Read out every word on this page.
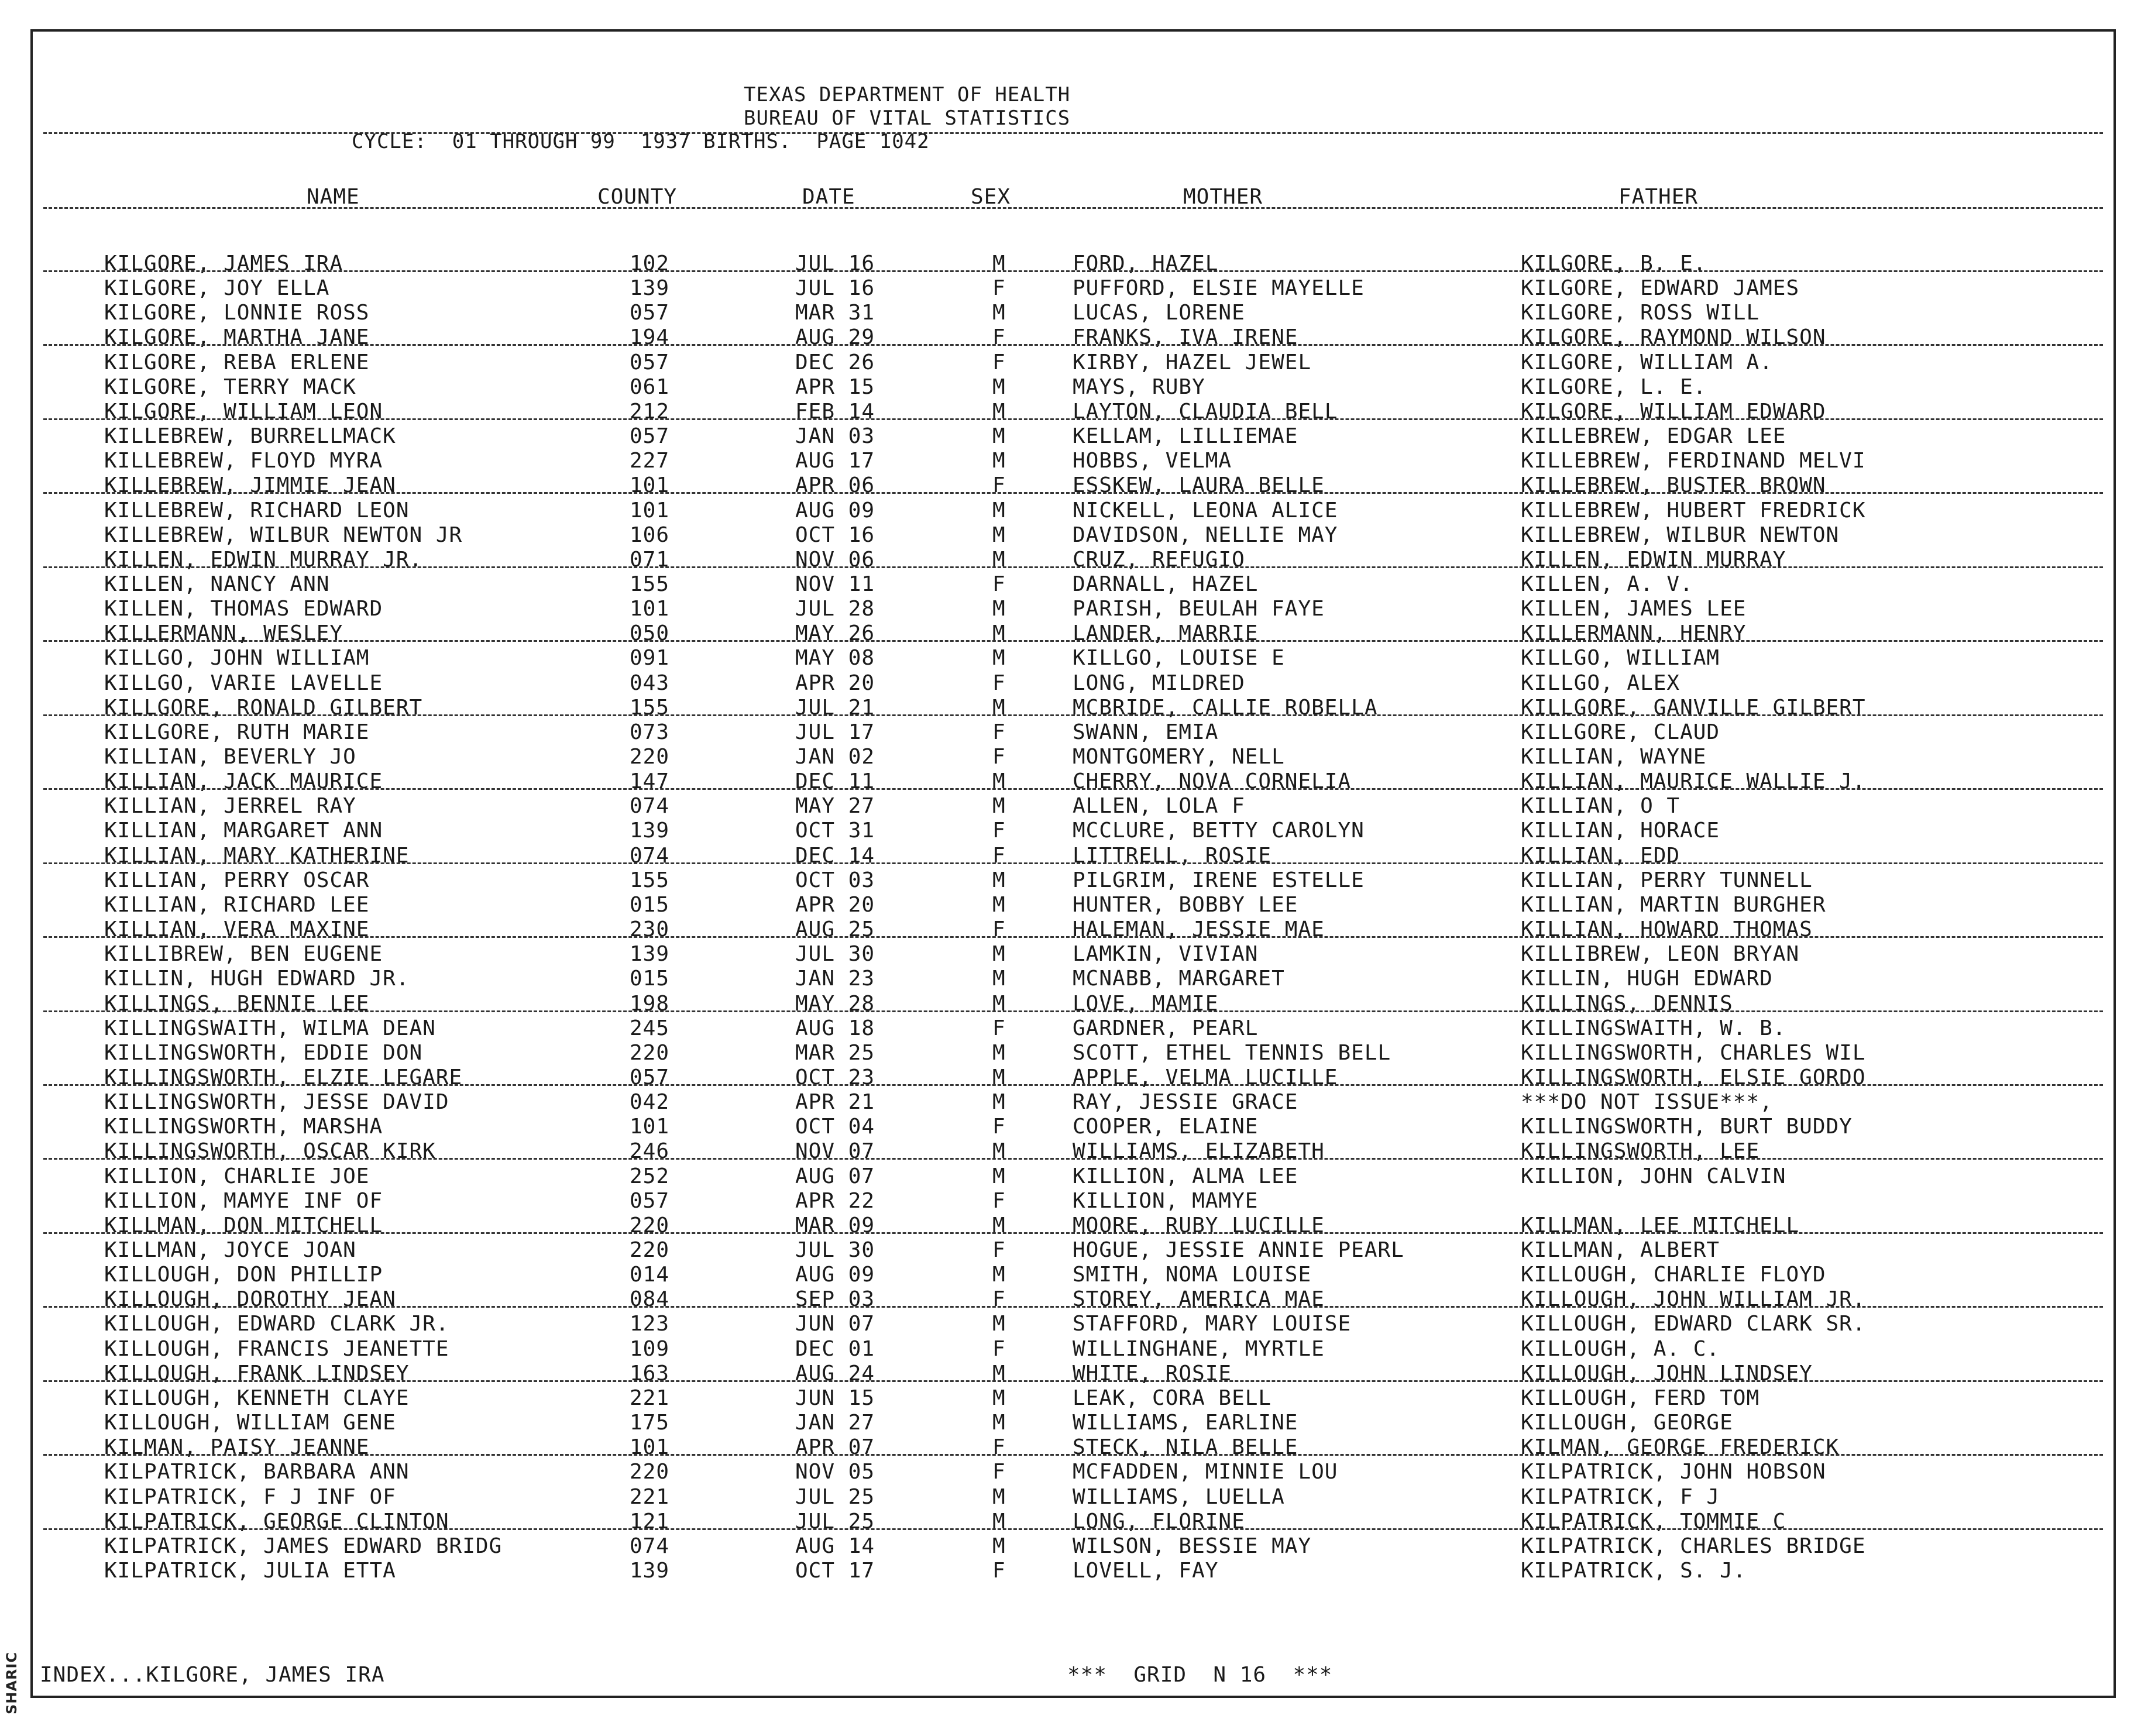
TEXAS DEPARTMENT OF HEALTH
BUREAU OF VITAL STATISTICS
CYCLE:  01 THROUGH 99  1937 BIRTHS.  PAGE 1042
NAME	COUNTY	DATE	SEX	MOTHER	FATHER
KILGORE, JAMES IRA	102	JUL 16	M	FORD, HAZEL	KILGORE, B. E.
KILGORE, JOY ELLA	139	JUL 16	F	PUFFORD, ELSIE MAYELLE	KILGORE, EDWARD JAMES
KILGORE, LONNIE ROSS	057	MAR 31	M	LUCAS, LORENE	KILGORE, ROSS WILL
KILGORE, MARTHA JANE	194	AUG 29	F	FRANKS, IVA IRENE	KILGORE, RAYMOND WILSON
KILGORE, REBA ERLENE	057	DEC 26	F	KIRBY, HAZEL JEWEL	KILGORE, WILLIAM A.
KILGORE, TERRY MACK	061	APR 15	M	MAYS, RUBY	KILGORE, L. E.
KILGORE, WILLIAM LEON	212	FEB 14	M	LAYTON, CLAUDIA BELL	KILGORE, WILLIAM EDWARD
KILLEBREW, BURRELLMACK	057	JAN 03	M	KELLAM, LILLIEMAE	KILLEBREW, EDGAR LEE
KILLEBREW, FLOYD MYRA	227	AUG 17	M	HOBBS, VELMA	KILLEBREW, FERDINAND MELVI
KILLEBREW, JIMMIE JEAN	101	APR 06	F	ESSKEW, LAURA BELLE	KILLEBREW, BUSTER BROWN
KILLEBREW, RICHARD LEON	101	AUG 09	M	NICKELL, LEONA ALICE	KILLEBREW, HUBERT FREDRICK
KILLEBREW, WILBUR NEWTON JR	106	OCT 16	M	DAVIDSON, NELLIE MAY	KILLEBREW, WILBUR NEWTON
KILLEN, EDWIN MURRAY JR.	071	NOV 06	M	CRUZ, REFUGIO	KILLEN, EDWIN MURRAY
KILLEN, NANCY ANN	155	NOV 11	F	DARNALL, HAZEL	KILLEN, A. V.
KILLEN, THOMAS EDWARD	101	JUL 28	M	PARISH, BEULAH FAYE	KILLEN, JAMES LEE
KILLERMANN, WESLEY	050	MAY 26	M	LANDER, MARRIE	KILLERMANN, HENRY
KILLGO, JOHN WILLIAM	091	MAY 08	M	KILLGO, LOUISE E	KILLGO, WILLIAM
KILLGO, VARIE LAVELLE	043	APR 20	F	LONG, MILDRED	KILLGO, ALEX
KILLGORE, RONALD GILBERT	155	JUL 21	M	MCBRIDE, CALLIE ROBELLA	KILLGORE, GANVILLE GILBERT
KILLGORE, RUTH MARIE	073	JUL 17	F	SWANN, EMIA	KILLGORE, CLAUD
KILLIAN, BEVERLY JO	220	JAN 02	F	MONTGOMERY, NELL	KILLIAN, WAYNE
KILLIAN, JACK MAURICE	147	DEC 11	M	CHERRY, NOVA CORNELIA	KILLIAN, MAURICE WALLIE J.
KILLIAN, JERREL RAY	074	MAY 27	M	ALLEN, LOLA F	KILLIAN, O T
KILLIAN, MARGARET ANN	139	OCT 31	F	MCCLURE, BETTY CAROLYN	KILLIAN, HORACE
KILLIAN, MARY KATHERINE	074	DEC 14	F	LITTRELL, ROSIE	KILLIAN, EDD
KILLIAN, PERRY OSCAR	155	OCT 03	M	PILGRIM, IRENE ESTELLE	KILLIAN, PERRY TUNNELL
KILLIAN, RICHARD LEE	015	APR 20	M	HUNTER, BOBBY LEE	KILLIAN, MARTIN BURGHER
KILLIAN, VERA MAXINE	230	AUG 25	F	HALEMAN, JESSIE MAE	KILLIAN, HOWARD THOMAS
KILLIBREW, BEN EUGENE	139	JUL 30	M	LAMKIN, VIVIAN	KILLIBREW, LEON BRYAN
KILLIN, HUGH EDWARD JR.	015	JAN 23	M	MCNABB, MARGARET	KILLIN, HUGH EDWARD
KILLINGS, BENNIE LEE	198	MAY 28	M	LOVE, MAMIE	KILLINGS, DENNIS
KILLINGSWAITH, WILMA DEAN	245	AUG 18	F	GARDNER, PEARL	KILLINGSWAITH, W. B.
KILLINGSWORTH, EDDIE DON	220	MAR 25	M	SCOTT, ETHEL TENNIS BELL	KILLINGSWORTH, CHARLES WIL
KILLINGSWORTH, ELZIE LEGARE	057	OCT 23	M	APPLE, VELMA LUCILLE	KILLINGSWORTH, ELSIE GORDO
KILLINGSWORTH, JESSE DAVID	042	APR 21	M	RAY, JESSIE GRACE	***DO NOT ISSUE***,
KILLINGSWORTH, MARSHA	101	OCT 04	F	COOPER, ELAINE	KILLINGSWORTH, BURT BUDDY
KILLINGSWORTH, OSCAR KIRK	246	NOV 07	M	WILLIAMS, ELIZABETH	KILLINGSWORTH, LEE
KILLION, CHARLIE JOE	252	AUG 07	M	KILLION, ALMA LEE	KILLION, JOHN CALVIN
KILLION, MAMYE INF OF	057	APR 22	F	KILLION, MAMYE
KILLMAN, DON MITCHELL	220	MAR 09	M	MOORE, RUBY LUCILLE	KILLMAN, LEE MITCHELL
KILLMAN, JOYCE JOAN	220	JUL 30	F	HOGUE, JESSIE ANNIE PEARL	KILLMAN, ALBERT
KILLOUGH, DON PHILLIP	014	AUG 09	M	SMITH, NOMA LOUISE	KILLOUGH, CHARLIE FLOYD
KILLOUGH, DOROTHY JEAN	084	SEP 03	F	STOREY, AMERICA MAE	KILLOUGH, JOHN WILLIAM JR.
KILLOUGH, EDWARD CLARK JR.	123	JUN 07	M	STAFFORD, MARY LOUISE	KILLOUGH, EDWARD CLARK SR.
KILLOUGH, FRANCIS JEANETTE	109	DEC 01	F	WILLINGHANE, MYRTLE	KILLOUGH, A. C.
KILLOUGH, FRANK LINDSEY	163	AUG 24	M	WHITE, ROSIE	KILLOUGH, JOHN LINDSEY
KILLOUGH, KENNETH CLAYE	221	JUN 15	M	LEAK, CORA BELL	KILLOUGH, FERD TOM
KILLOUGH, WILLIAM GENE	175	JAN 27	M	WILLIAMS, EARLINE	KILLOUGH, GEORGE
KILMAN, PAISY JEANNE	101	APR 07	F	STECK, NILA BELLE	KILMAN, GEORGE FREDERICK
KILPATRICK, BARBARA ANN	220	NOV 05	F	MCFADDEN, MINNIE LOU	KILPATRICK, JOHN HOBSON
KILPATRICK, F J INF OF	221	JUL 25	M	WILLIAMS, LUELLA	KILPATRICK, F J
KILPATRICK, GEORGE CLINTON	121	JUL 25	M	LONG, FLORINE	KILPATRICK, TOMMIE C
KILPATRICK, JAMES EDWARD BRIDG	074	AUG 14	M	WILSON, BESSIE MAY	KILPATRICK, CHARLES BRIDGE
KILPATRICK, JULIA ETTA	139	OCT 17	F	LOVELL, FAY	KILPATRICK, S. J.
INDEX...KILGORE, JAMES IRA	***  GRID  N 16  ***
SHARIC
